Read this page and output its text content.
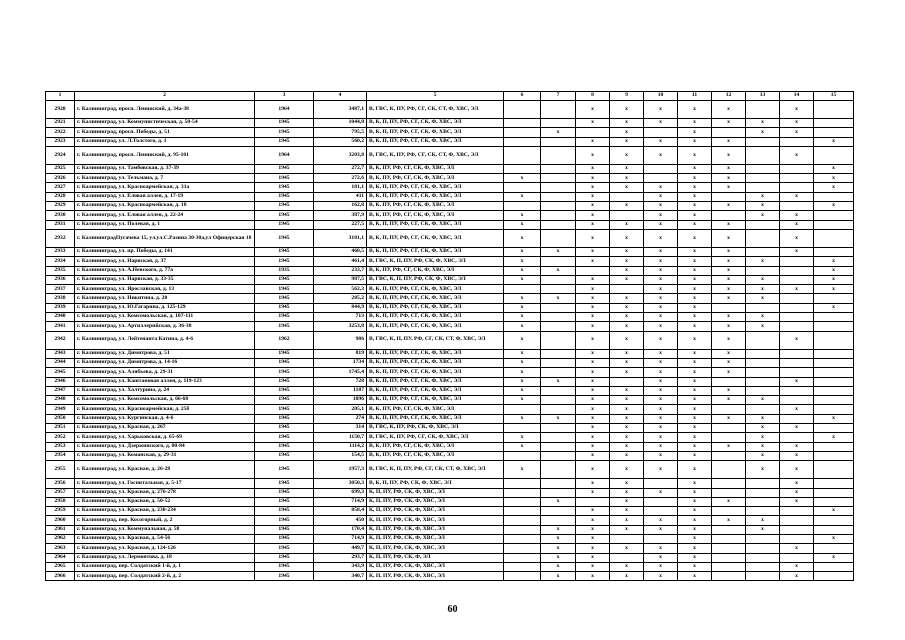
1	2	3	4	5	6	7	8	9	10	11	12	13	14	15
2920	г. Калининград, просп. Ленинский, д. 34а-38	1964	3487,1	В, ГВС, К, ПУ, РФ, СГ, СК, СТ, Ф, ХВС, ЭЛ			х	х	х	х	х		х	
2921	г. Калининград, ул. Коммунистическая, д. 50-54	1945	1044,8	В, К, П, ПУ, РФ, СГ, СК, Ф, ХВС, ЭЛ			х	х	х	х	х	х	х	
2922	г. Калининград, просп. Победы, д. 51	1945	795,5	В, К, П, ПУ, РФ, СГ, СК, Ф, ХВС, ЭЛ		х		х		х		х	х	
2923	г. Калининград, ул. Л.Толстого, д. 1	1945	560,2	В, К, П, ПУ, РФ, СГ, СК, Ф, ХВС, ЭЛ			х	х	х	х	х			х
2924	г. Калининград, просп. Ленинский, д. 95-101	1964	3203,8	В, ГВС, К, ПУ, РФ, СГ, СК, СТ, Ф, ХВС, ЭЛ			х	х	х	х	х		х	
2925	г. Калининград, ул. Тамбовская, д. 37-39	1945	272,7	В, К, ПУ, РФ, СГ, СК, Ф, ХВС, ЭЛ			х	х		х	х			х
2926	г. Калининград, ул. Тельмана, д. 7	1945	272,6	В, К, ПУ, РФ, СГ, СК, Ф, ХВС, ЭЛ	х		х	х		х	х			х
2927	г. Калининград, ул. Красноармейская, д. 31а	1945	181,1	В, К, П, ПУ, РФ, СГ, СК, Ф, ХВС, ЭЛ			х	х	х	х	х			х
2928	г. Калининград, ул. Еловая аллея, д. 17-19	1945	411	В, К, П, ПУ, РФ, СГ, СК, Ф, ХВС, ЭЛ	х		х		х	х		х	х	
2929	г. Калининград, ул. Красноармейская, д. 18	1945	162,8	В, К, ПУ, РФ, СГ, СК, Ф, ХВС, ЭЛ			х	х	х	х	х	х		х
2930	г. Калининград, ул. Еловая аллея, д. 22-24	1945	387,9	В, К, ПУ, РФ, СГ, СК, Ф, ХВС, ЭЛ	х		х		х	х		х	х	
2931	г. Калининград, ул. Полевая, д. 1	1945	227,5	В, К, П, ПУ, РФ, СГ, СК, Ф, ХВС, ЭЛ	х		х	х	х	х	х		х	
2932	г. КалининградПугачева 15, ул.ул.С.Разина 30-30а,ул Офицерская 18	1945	3101,1	В, К, П, ПУ, РФ, СГ, СК, Ф, ХВС, ЭЛ	х		х	х	х	х	х		х	
2933	г. Калининград, ул. пр. Победы, д. 141	1945	460,5	В, К, П, ПУ, РФ, СГ, СК, Ф, ХВС, ЭЛ	х	х	х	х	х	х	х		х	
2934	г. Калининград, ул. Нарвская, д. 37	1945	461,4	В, ГВС, К, П, ПУ, РФ, СК, Ф, ХВС, ЭЛ	х		х	х	х	х	х	х		х
2935	г. Калининград, ул. А.Невского, д. 77а	1935	233,7	В, К, ПУ, РФ, СГ, СК, Ф, ХВС, ЭЛ	х	х		х	х	х	х			х
2936	г. Калининград, ул. Нарвская, д. 33-35	1945	987,5	В, ГВС, К, П, ПУ, РФ, СК, Ф, ХВС, ЭЛ	х		х	х	х	х	х	х		х
2937	г. Калининград, ул. Ярославская, д. 13	1945	562,3	В, К, П, ПУ, РФ, СГ, СК, Ф, ХВС, ЭЛ			х		х	х	х	х	х	х
2938	г. Калининград, ул. Никитина, д. 20	1945	285,2	В, К, П, ПУ, РФ, СГ, СК, Ф, ХВС, ЭЛ	х	х	х	х	х	х	х	х		
2939	г. Калининград, ул. Ю.Гагарина, д. 125-129	1945	844,9	В, К, П, ПУ, РФ, СГ, СК, Ф, ХВС, ЭЛ	х		х	х	х	х				х
2940	г. Калининград, ул. Комсомольская, д. 107-111	1945	713	В, К, П, ПУ, РФ, СГ, СК, Ф, ХВС, ЭЛ	х		х	х	х	х	х	х		
2941	г. Калининград, ул. Артиллерийская, д. 36-38	1945	3253,8	В, К, П, ПУ, РФ, СГ, СК, Ф, ХВС, ЭЛ	х		х	х	х	х	х	х		
2942	г. Калининград, ул. Лейтенанта Катина, д. 4-6	1962	986	В, ГВС, К, П, ПУ, РФ, СГ, СК, СТ, Ф, ХВС, ЭЛ	х		х	х	х	х	х		х	
2943	г. Калининград, ул. Димитрова, д. 51	1945	819	В, К, П, ПУ, РФ, СГ, СК, Ф, ХВС, ЭЛ	х		х	х	х	х	х			
2944	г. Калининград, ул. Димитрова, д. 14-16	1945	1734	В, К, П, ПУ, РФ, СГ, СК, Ф, ХВС, ЭЛ	х		х	х	х	х	х			
2945	г. Калининград, ул. Алябьева, д. 29-31	1945	1745,4	В, К, П, ПУ, РФ, СГ, СК, Ф, ХВС, ЭЛ	х		х	х	х	х	х			
2946	г. Калининград, ул. Каштановая аллея, д. 119-123	1945	728	В, К, П, ПУ, РФ, СГ, СК, Ф, ХВС, ЭЛ	х	х	х		х	х			х	
2947	г. Калининград, ул. Халтурина, д. 24	1945	1187	В, К, П, ПУ, РФ, СГ, СК, Ф, ХВС, ЭЛ	х		х	х	х	х	х			
2948	г. Калининград, ул. Комсомольская, д. 66-68	1945	1096	В, К, П, ПУ, РФ, СГ, СК, Ф, ХВС, ЭЛ	х		х	х	х	х	х	х		
2949	г. Калининград, ул. Красноармейская, д. 25б	1945	205,1	В, К, ПУ, РФ, СГ, СК, Ф, ХВС, ЭЛ			х	х	х	х			х	
2950	г. Калининград, ул. Кургинская, д. 4-6	1945	274	В, К, П, ПУ, РФ, СГ, СК, Ф, ХВС, ЭЛ	х	х	х	х	х	х	х	х		х
2951	г. Калининград, ул. Красная, д. 267	1945	314	В, ГВС, К, ПУ, РФ, СК, Ф, ХВС, ЭЛ			х	х	х	х		х	х	
2952	г. Калининград, ул. Харьковская, д. 65-69	1945	1150,7	В, ГВС, К, ПУ, РФ, СГ, СК, Ф, ХВС, ЭЛ	х		х	х	х	х		х		х
2953	г. Калининград, ул. Дзержинского, д. 80-84	1945	1114,2	В, К, ПУ, РФ, СГ, СК, Ф, ХВС, ЭЛ	х		х	х	х	х	х	х	х	
2954	г. Калининград, ул. Команская, д. 29-31	1945	154,5	В, К, ПУ, РФ, СГ, СК, Ф, ХВС, ЭЛ			х	х	х	х		х	х	
2955	г. Калининград, ул. Красная, д. 26-28	1945	1957,3	В, ГВС, К, П, ПУ, РФ, СГ, СК, СТ, Ф, ХВС, ЭЛ	х		х	х	х	х		х	х	
2956	г. Калининград, ул. Госпитальная, д. 5-17	1945	3050,3	В, К, П, ПУ, РФ, СК, Ф, ХВС, ЭЛ			х	х		х			х	
2957	г. Калининград, ул. Красная, д. 276-278	1945	699,3	К, П, ПУ, РФ, СК, Ф, ХВС, ЭЛ			х	х	х	х			х	
2958	г. Калининград, ул. Красная, д. 50-52	1945	714,9	К, П, ПУ, РФ, СК, Ф, ХВС, ЭЛ		х		х		х	х		х	
2959	г. Калининград, ул. Красная, д. 230-234	1945	858,4	К, П, ПУ, РФ, СК, Ф, ХВС, ЭЛ			х	х		х				х
2960	г. Калининград, пер. Косогорный, д. 2	1945	450	К, П, ПУ, РФ, СК, Ф, ХВС, ЭЛ			х	х	х	х	х	х		
2961	г. Калининград, ул. Коммунальная, д. 58	1945	170,4	К, П, ПУ, РФ, СК, Ф, ХВС, ЭЛ		х	х	х	х	х		х		
2962	г. Калининград, ул. Красная, д. 54-56	1945	714,9	К, П, ПУ, РФ, СК, Ф, ХВС, ЭЛ		х	х			х				х
2963	г. Калининград, ул. Красная, д. 124-126	1945	449,7	К, П, ПУ, РФ, СК, Ф, ХВС, ЭЛ		х	х	х	х	х			х	
2964	г. Калининград, ул. Лермонтова, д. 18	1945	293,7	К, П, ПУ, РФ, СК, Ф, ЭЛ		х	х		х	х				х
2965	г. Калининград, пер. Солдатский 1-й, д. 1	1945	343,9	К, П, ПУ, РФ, СК, Ф, ХВС, ЭЛ		х	х	х	х	х			х	
2966	г. Калининград, пер. Солдатский 2-й, д. 2	1945	340,7	К, П, ПУ, РФ, СК, Ф, ХВС, ЭЛ		х	х	х	х	х			х	
60
